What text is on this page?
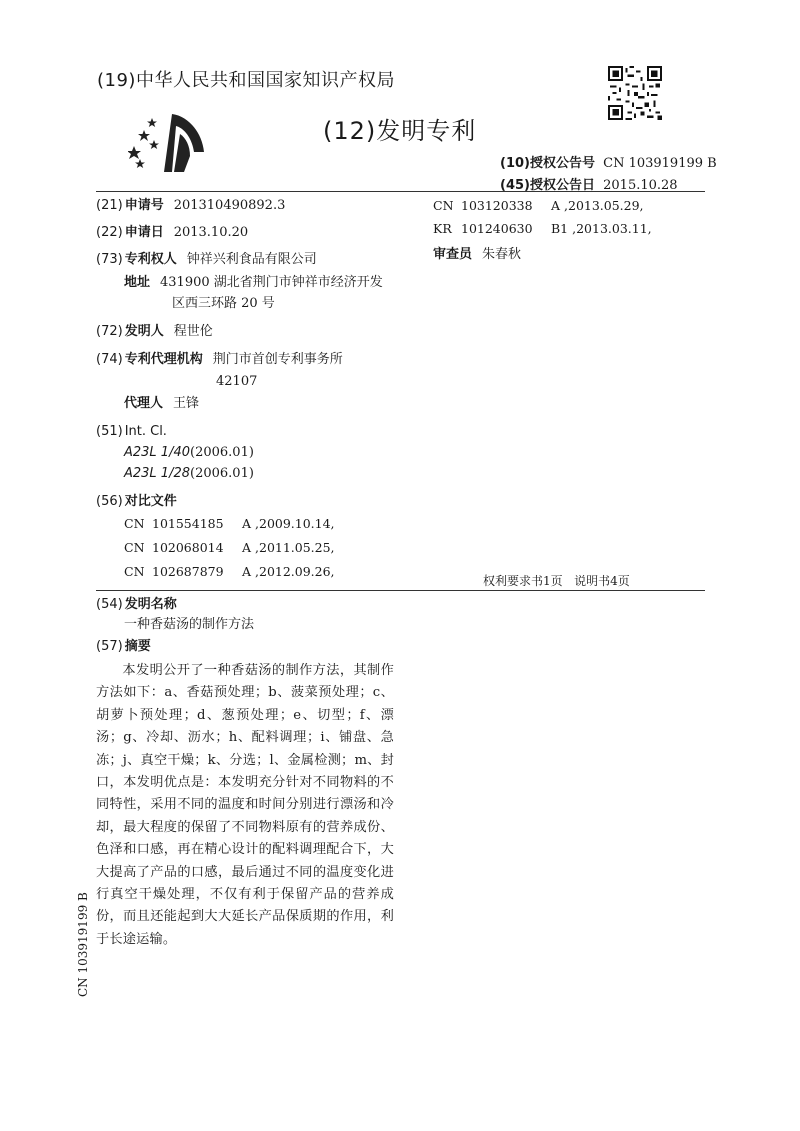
(19)中华人民共和国国家知识产权局
(12)发明专利
(10)授权公告号 CN 103919199 B
(45)授权公告日 2015.10.28
(21) 申请号 201310490892.3
(22) 申请日 2013.10.20
(73) 专利权人 钟祥兴利食品有限公司
地址 431900 湖北省荆门市钟祥市经济开发
区西三环路 20 号
(72) 发明人 程世伦
(74) 专利代理机构 荆门市首创专利事务所
42107
代理人 王锋
(51) Int. Cl.
A23L 1/40(2006.01)
A23L 1/28(2006.01)
(56) 对比文件
CN 101554185 A ,2009.10.14,
CN 102068014 A ,2011.05.25,
CN 102687879 A ,2012.09.26,
CN 103120338 A ,2013.05.29,
KR 101240630 B1 ,2013.03.11,
审查员 朱春秋
权利要求书1页   说明书4页
(54) 发明名称
一种香菇汤的制作方法
(57) 摘要
本发明公开了一种香菇汤的制作方法，其制作方法如下：a、香菇预处理；b、菠菜预处理；c、胡萝卜预处理；d、葱预处理；e、切型；f、漂汤；g、冷却、沥水；h、配料调理；i、铺盘、急冻；j、真空干燥；k、分选；l、金属检测；m、封口，本发明优点是：本发明充分针对不同物料的不同特性，采用不同的温度和时间分别进行漂汤和冷却，最大程度的保留了不同物料原有的营养成份、色泽和口感，再在精心设计的配料调理配合下，大大提高了产品的口感，最后通过不同的温度变化进行真空干燥处理，不仅有利于保留产品的营养成份，而且还能起到大大延长产品保质期的作用，利于长途运输。
CN 103919199 B
